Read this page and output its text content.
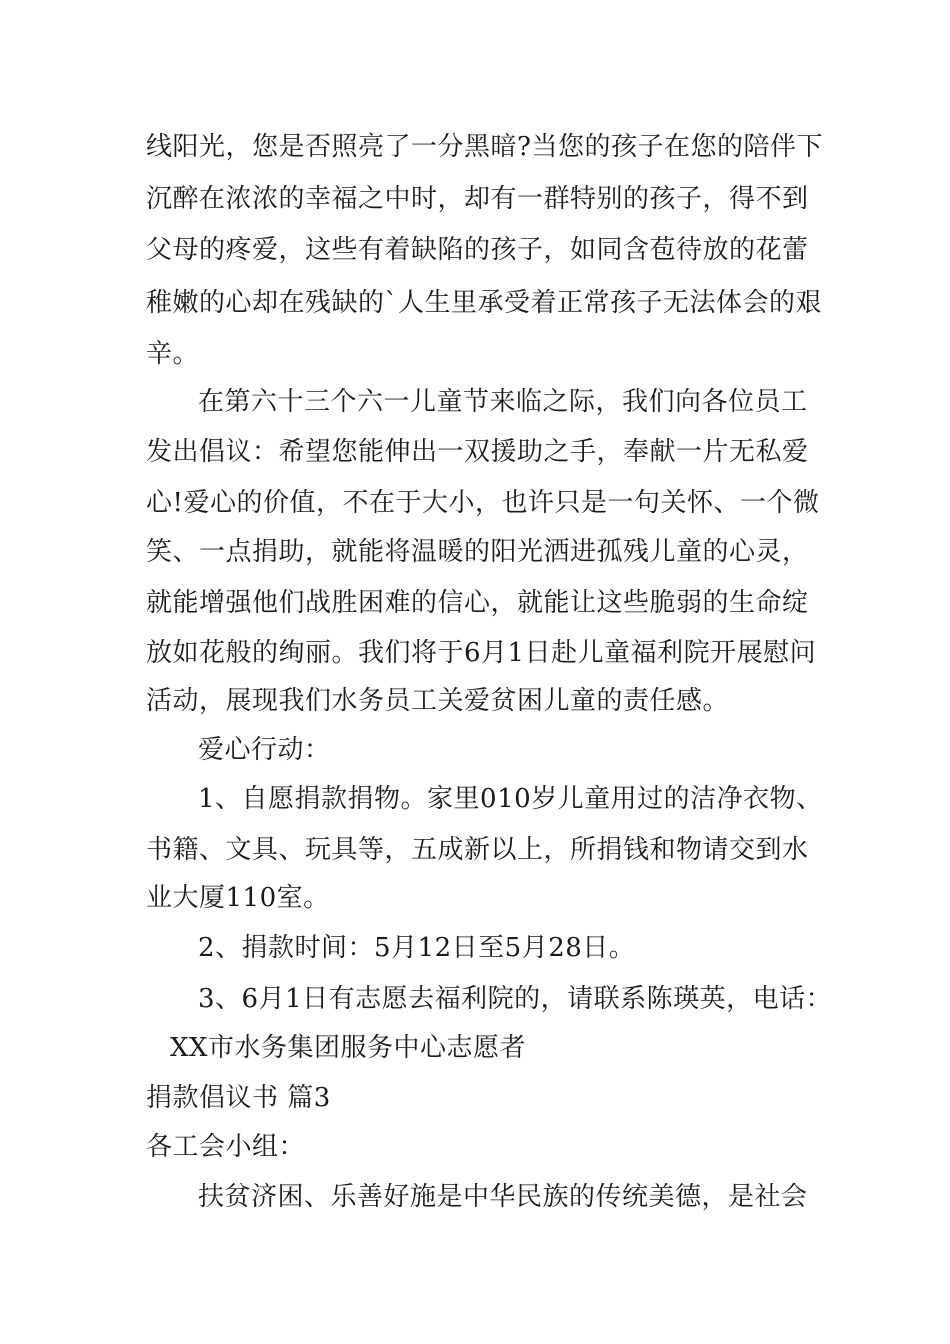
线阳光，您是否照亮了一分黑暗?当您的孩子在您的陪伴下
沉醉在浓浓的幸福之中时，却有一群特别的孩子，得不到
父母的疼爱，这些有着缺陷的孩子，如同含苞待放的花蕾
稚嫩的心却在残缺的`人生里承受着正常孩子无法体会的艰
辛。
在第六十三个六一儿童节来临之际，我们向各位员工
发出倡议：希望您能伸出一双援助之手，奉献一片无私爱
心!爱心的价值，不在于大小，也许只是一句关怀、一个微
笑、一点捐助，就能将温暖的阳光洒进孤残儿童的心灵，
就能增强他们战胜困难的信心，就能让这些脆弱的生命绽
放如花般的绚丽。我们将于6月1日赴儿童福利院开展慰问
活动，展现我们水务员工关爱贫困儿童的责任感。
爱心行动：
1、自愿捐款捐物。家里010岁儿童用过的洁净衣物、
书籍、文具、玩具等，五成新以上，所捐钱和物请交到水
业大厦110室。
2、捐款时间：5月12日至5月28日。
3、6月1日有志愿去福利院的，请联系陈瑛英，电话：
XX市水务集团服务中心志愿者
捐款倡议书 篇3
各工会小组：
扶贫济困、乐善好施是中华民族的传统美德，是社会
